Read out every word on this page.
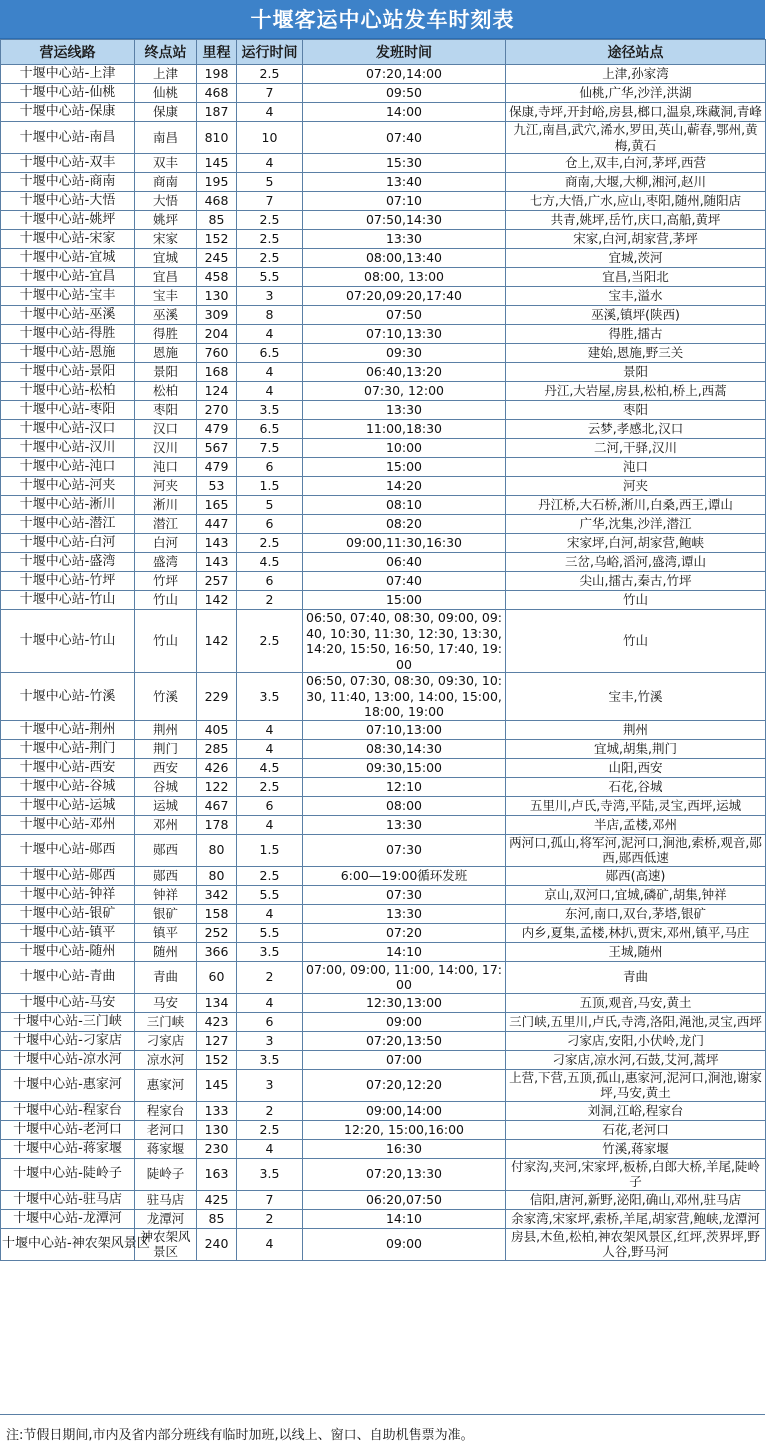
十堰客运中心站发车时刻表
营运线路	终点站	里程	运行时间	发班时间	途径站点
十堰中心站-上津	上津	198	2.5	07:20,14:00	上津,孙家湾
十堰中心站-仙桃	仙桃	468	7	09:50	仙桃,广华,沙洋,洪湖
十堰中心站-保康	保康	187	4	14:00	保康,寺坪,开封峪,房县,榔口,温泉,珠藏洞,青峰
十堰中心站-南昌	南昌	810	10	07:40	九江,南昌,武穴,浠水,罗田,英山,蕲春,鄂州,黄梅,黄石
十堰中心站-双丰	双丰	145	4	15:30	仓上,双丰,白河,茅坪,西营
十堰中心站-商南	商南	195	5	13:40	商南,大堰,大柳,湘河,赵川
十堰中心站-大悟	大悟	468	7	07:10	七方,大悟,广水,应山,枣阳,随州,随阳店
十堰中心站-姚坪	姚坪	85	2.5	07:50,14:30	共青,姚坪,岳竹,庆口,高船,黄坪
十堰中心站-宋家	宋家	152	2.5	13:30	宋家,白河,胡家营,茅坪
十堰中心站-宜城	宜城	245	2.5	08:00,13:40	宜城,茨河
十堰中心站-宜昌	宜昌	458	5.5	08:00, 13:00	宜昌,当阳北
十堰中心站-宝丰	宝丰	130	3	07:20,09:20,17:40	宝丰,溢水
十堰中心站-巫溪	巫溪	309	8	07:50	巫溪,镇坪(陕西)
十堰中心站-得胜	得胜	204	4	07:10,13:30	得胜,擂古
十堰中心站-恩施	恩施	760	6.5	09:30	建始,恩施,野三关
十堰中心站-景阳	景阳	168	4	06:40,13:20	景阳
十堰中心站-松柏	松柏	124	4	07:30, 12:00	丹江,大岩屋,房县,松柏,桥上,西蒿
十堰中心站-枣阳	枣阳	270	3.5	13:30	枣阳
十堰中心站-汉口	汉口	479	6.5	11:00,18:30	云梦,孝感北,汉口
十堰中心站-汉川	汉川	567	7.5	10:00	二河,干驿,汉川
十堰中心站-沌口	沌口	479	6	15:00	沌口
十堰中心站-河夹	河夹	53	1.5	14:20	河夹
十堰中心站-淅川	淅川	165	5	08:10	丹江桥,大石桥,淅川,白桑,西王,谭山
十堰中心站-潜江	潜江	447	6	08:20	广华,沈集,沙洋,潜江
十堰中心站-白河	白河	143	2.5	09:00,11:30,16:30	宋家坪,白河,胡家营,鲍峡
十堰中心站-盛湾	盛湾	143	4.5	06:40	三岔,乌峪,滔河,盛湾,谭山
十堰中心站-竹坪	竹坪	257	6	07:40	尖山,擂古,秦古,竹坪
十堰中心站-竹山	竹山	142	2	15:00	竹山
十堰中心站-竹山	竹山	142	2.5	06:50, 07:40, 08:30, 09:00, 09:40, 10:30, 11:30, 12:30, 13:30, 14:20, 15:50, 16:50, 17:40, 19:00	竹山
十堰中心站-竹溪	竹溪	229	3.5	06:50, 07:30, 08:30, 09:30, 10:30, 11:40, 13:00, 14:00, 15:00, 18:00, 19:00	宝丰,竹溪
十堰中心站-荆州	荆州	405	4	07:10,13:00	荆州
十堰中心站-荆门	荆门	285	4	08:30,14:30	宜城,胡集,荆门
十堰中心站-西安	西安	426	4.5	09:30,15:00	山阳,西安
十堰中心站-谷城	谷城	122	2.5	12:10	石花,谷城
十堰中心站-运城	运城	467	6	08:00	五里川,卢氏,寺湾,平陆,灵宝,西坪,运城
十堰中心站-邓州	邓州	178	4	13:30	半店,孟楼,邓州
十堰中心站-郧西	郧西	80	1.5	07:30	两河口,孤山,将军河,泥河口,涧池,索桥,观音,郧西,郧西低速
十堰中心站-郧西	郧西	80	2.5	6:00—19:00循环发班	郧西(高速)
十堰中心站-钟祥	钟祥	342	5.5	07:30	京山,双河口,宜城,磷矿,胡集,钟祥
十堰中心站-银矿	银矿	158	4	13:30	东河,南口,双台,茅塔,银矿
十堰中心站-镇平	镇平	252	5.5	07:20	内乡,夏集,孟楼,林扒,贾宋,邓州,镇平,马庄
十堰中心站-随州	随州	366	3.5	14:10	王城,随州
十堰中心站-青曲	青曲	60	2	07:00, 09:00, 11:00, 14:00, 17:00	青曲
十堰中心站-马安	马安	134	4	12:30,13:00	五顶,观音,马安,黄土
十堰中心站-三门峡	三门峡	423	6	09:00	三门峡,五里川,卢氏,寺湾,洛阳,渑池,灵宝,西坪
十堰中心站-刁家店	刁家店	127	3	07:20,13:50	刁家店,安阳,小伏岭,龙门
十堰中心站-凉水河	凉水河	152	3.5	07:00	刁家店,凉水河,石鼓,艾河,蒿坪
十堰中心站-惠家河	惠家河	145	3	07:20,12:20	上营,下营,五顶,孤山,惠家河,泥河口,涧池,谢家坪,马安,黄土
十堰中心站-程家台	程家台	133	2	09:00,14:00	刘洞,江峪,程家台
十堰中心站-老河口	老河口	130	2.5	12:20, 15:00,16:00	石花,老河口
十堰中心站-蒋家堰	蒋家堰	230	4	16:30	竹溪,蒋家堰
十堰中心站-陡岭子	陡岭子	163	3.5	07:20,13:30	付家沟,夹河,宋家坪,板桥,白郎大桥,羊尾,陡岭子
十堰中心站-驻马店	驻马店	425	7	06:20,07:50	信阳,唐河,新野,泌阳,确山,邓州,驻马店
十堰中心站-龙潭河	龙潭河	85	2	14:10	余家湾,宋家坪,索桥,羊尾,胡家营,鲍峡,龙潭河
十堰中心站-神农架风景区	神农架风景区	240	4	09:00	房县,木鱼,松柏,神农架风景区,红坪,茨界坪,野人谷,野马河
注:节假日期间,市内及省内部分班线有临时加班,以线上、窗口、自助机售票为准。
